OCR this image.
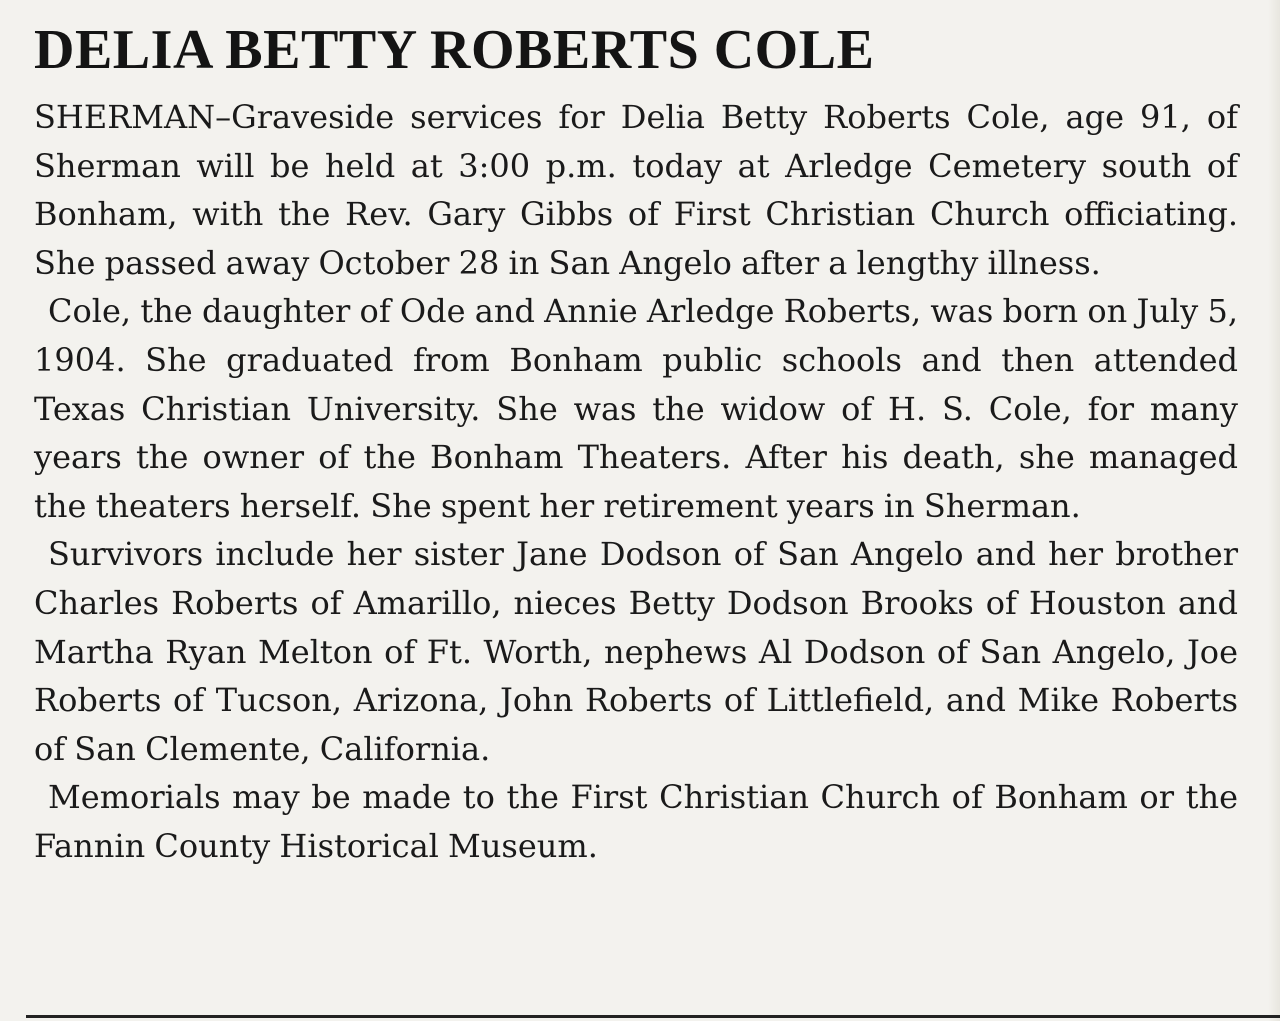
DELIA BETTY ROBERTS COLE

SHERMAN–Graveside services for Delia Betty Roberts Cole, age 91, of Sherman will be held at 3:00 p.m. today at Arledge Cemetery south of Bonham, with the Rev. Gary Gibbs of First Christian Church officiating. She passed away October 28 in San Angelo after a lengthy illness.

Cole, the daughter of Ode and Annie Arledge Roberts, was born on July 5, 1904. She graduated from Bonham public schools and then attended Texas Christian University. She was the widow of H. S. Cole, for many years the owner of the Bonham Theaters. After his death, she managed the theaters herself. She spent her retirement years in Sherman.

Survivors include her sister Jane Dodson of San Angelo and her brother Charles Roberts of Amarillo, nieces Betty Dodson Brooks of Houston and Martha Ryan Melton of Ft. Worth, nephews Al Dodson of San Angelo, Joe Roberts of Tucson, Arizona, John Roberts of Littlefield, and Mike Roberts of San Clemente, California.

Memorials may be made to the First Christian Church of Bonham or the Fannin County Historical Museum.
